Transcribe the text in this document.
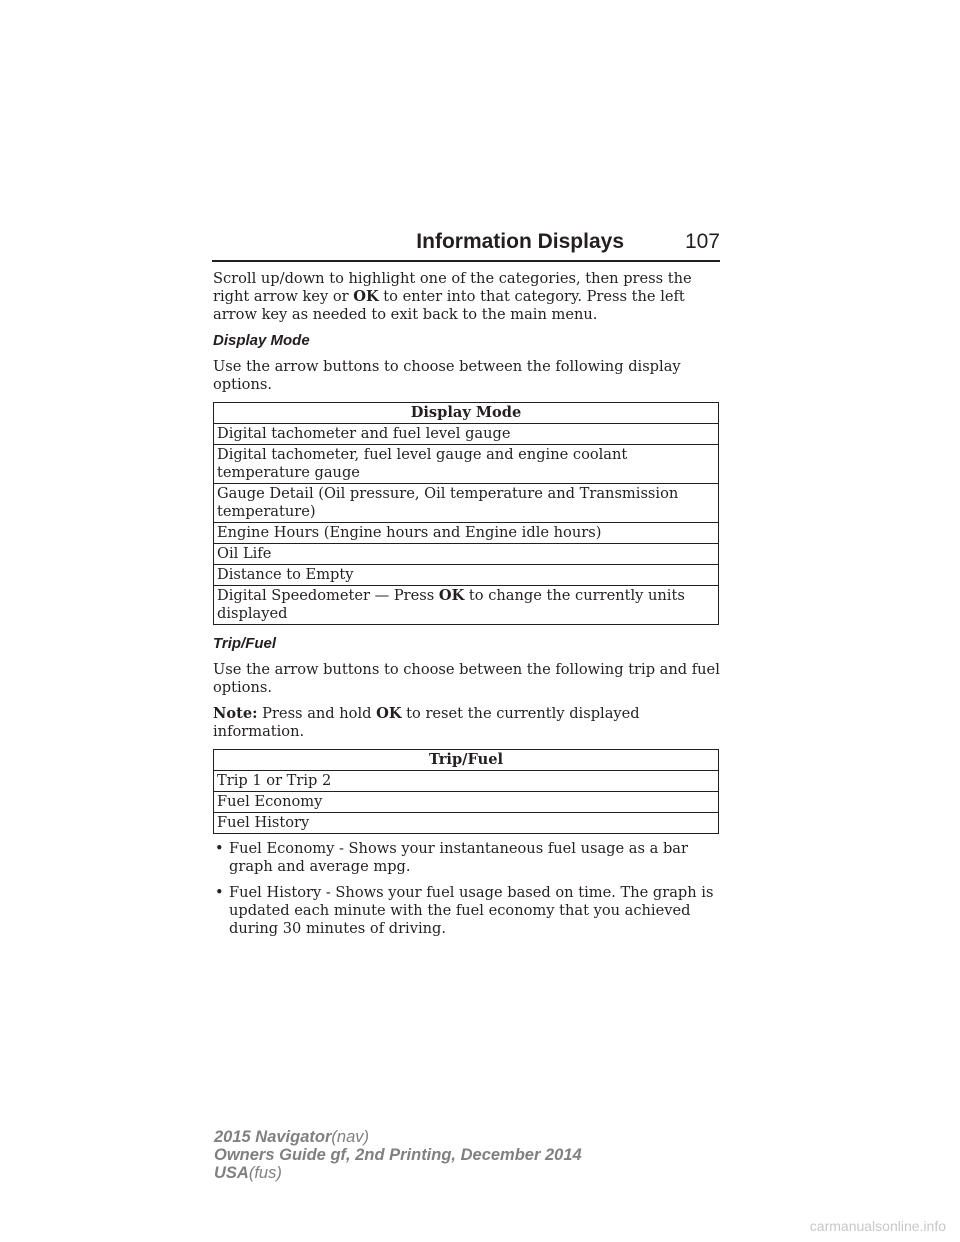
Information Displays	107

Scroll up/down to highlight one of the categories, then press the right arrow key or OK to enter into that category. Press the left arrow key as needed to exit back to the main menu.

Display Mode

Use the arrow buttons to choose between the following display options.

Display Mode
Digital tachometer and fuel level gauge
Digital tachometer, fuel level gauge and engine coolant temperature gauge
Gauge Detail (Oil pressure, Oil temperature and Transmission temperature)
Engine Hours (Engine hours and Engine idle hours)
Oil Life
Distance to Empty
Digital Speedometer — Press OK to change the currently units displayed
Trip/Fuel

Use the arrow buttons to choose between the following trip and fuel options.

Note: Press and hold OK to reset the currently displayed information.

Trip/Fuel
Trip 1 or Trip 2
Fuel Economy
Fuel History
• Fuel Economy - Shows your instantaneous fuel usage as a bar graph and average mpg.
• Fuel History - Shows your fuel usage based on time. The graph is updated each minute with the fuel economy that you achieved during 30 minutes of driving.
2015 Navigator(nav)
Owners Guide gf, 2nd Printing, December 2014
USA(fus)
carmanualsonline.info
